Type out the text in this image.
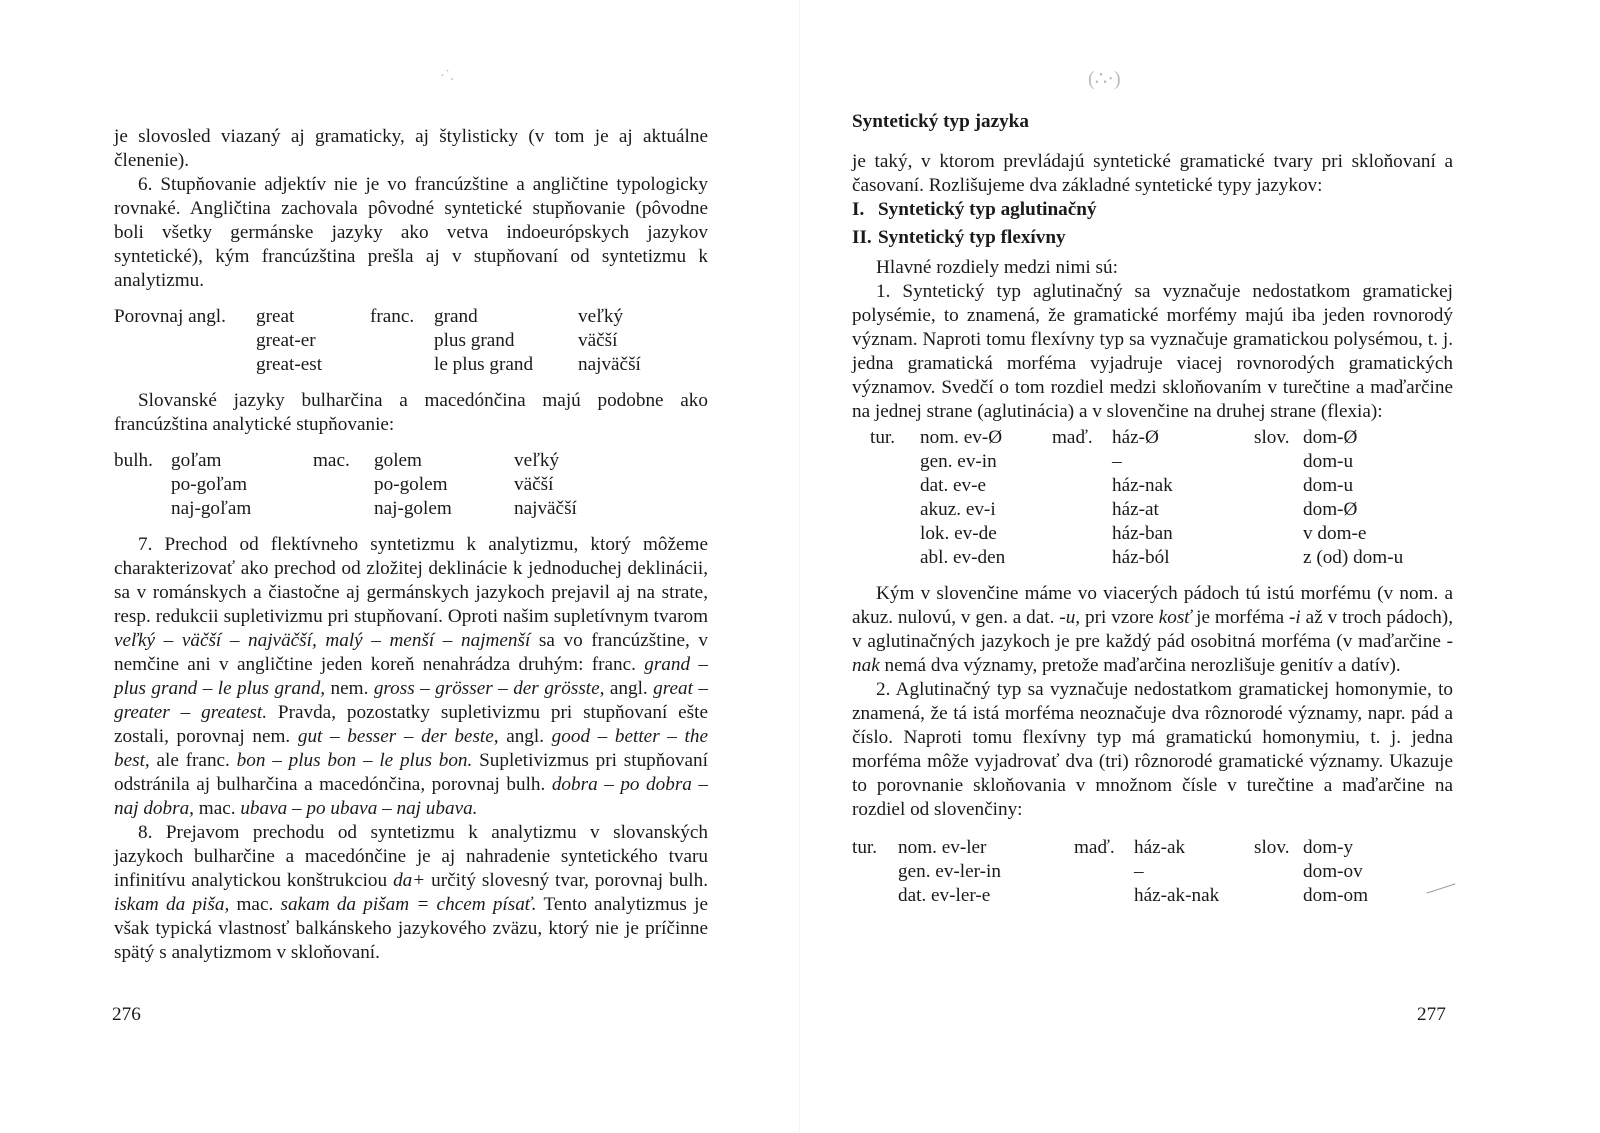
·˙.

je slovosled viazaný aj gramaticky, aj štylisticky (v tom je aj aktuálne členenie).

6. Stupňovanie adjektív nie je vo francúzštine a angličtine typologicky rovnaké. Angličtina zachovala pôvodné syntetické stupňovanie (pôvodne boli všetky germánske jazyky ako vetva indoeurópskych jazykov syntetické), kým francúzština prešla aj v stupňovaní od syntetizmu k analytizmu.

Porovnaj angl.	great	franc.	grand	veľký
	great-er		plus grand	väčší
	great-est		le plus grand	najväčší

Slovanské jazyky bulharčina a macedónčina majú podobne ako francúzština analytické stupňovanie:

bulh.	goľam	mac.	golem	veľký
	po-goľam		po-golem	väčší
	naj-goľam		naj-golem	najväčší

7. Prechod od flektívneho syntetizmu k analytizmu, ktorý môžeme charakterizovať ako prechod od zložitej deklinácie k jednoduchej deklinácii, sa v románskych a čiastočne aj germánskych jazykoch prejavil aj na strate, resp. redukcii supletivizmu pri stupňovaní. Oproti našim supletívnym tvarom veľký – väčší – najväčší, malý – menší – najmenší sa vo francúzštine, v nemčine ani v angličtine jeden koreň nenahrádza druhým: franc. grand – plus grand – le plus grand, nem. gross – grösser – der grösste, angl. great – greater – greatest. Pravda, pozostatky supletivizmu pri stupňovaní ešte zostali, porovnaj nem. gut – besser – der beste, angl. good – better – the best, ale franc. bon – plus bon – le plus bon. Supletivizmus pri stupňovaní odstránila aj bulharčina a macedónčina, porovnaj bulh. dobra – po dobra – naj dobra, mac. ubava – po ubava – naj ubava.

8. Prejavom prechodu od syntetizmu k analytizmu v slovanských jazykoch bulharčine a macedónčine je aj nahradenie syntetického tvaru infinitívu analytickou konštrukciou da+ určitý slovesný tvar, porovnaj bulh. iskam da piša, mac. sakam da pišam = chcem písať. Tento analytizmus je však typická vlastnosť balkánskeho jazykového zväzu, ktorý nie je príčinne spätý s analytizmom v skloňovaní.

276
(∴·)

Syntetický typ jazyka

je taký, v ktorom prevládajú syntetické gramatické tvary pri skloňovaní a časovaní. Rozlišujeme dva základné syntetické typy jazykov:

I. Syntetický typ aglutinačný

II. Syntetický typ flexívny

Hlavné rozdiely medzi nimi sú:

1. Syntetický typ aglutinačný sa vyznačuje nedostatkom gramatickej polysémie, to znamená, že gramatické morfémy majú iba jeden rovnorodý význam. Naproti tomu flexívny typ sa vyznačuje gramatickou polysémou, t. j. jedna gramatická morféma vyjadruje viacej rovnorodých gramatických významov. Svedčí o tom rozdiel medzi skloňovaním v turečtine a maďarčine na jednej strane (aglutinácia) a v slovenčine na druhej strane (flexia):

tur.	nom. ev-Ø	maď.	ház-Ø	slov.	dom-Ø
	gen. ev-in		–		dom-u
	dat. ev-e		ház-nak		dom-u
	akuz. ev-i		ház-at		dom-Ø
	lok. ev-de		ház-ban		v dom-e
	abl. ev-den		ház-ból		z (od) dom-u

Kým v slovenčine máme vo viacerých pádoch tú istú morfému (v nom. a akuz. nulovú, v gen. a dat. -u, pri vzore kosť je morféma -i až v troch pádoch), v aglutinačných jazykoch je pre každý pád osobitná morféma (v maďarčine -nak nemá dva významy, pretože maďarčina nerozlišuje genitív a datív).

2. Aglutinačný typ sa vyznačuje nedostatkom gramatickej homonymie, to znamená, že tá istá morféma neoznačuje dva rôznorodé významy, napr. pád a číslo. Naproti tomu flexívny typ má gramatickú homonymiu, t. j. jedna morféma môže vyjadrovať dva (tri) rôznorodé gramatické významy. Ukazuje to porovnanie skloňovania v množnom čísle v turečtine a maďarčine na rozdiel od slovenčiny:

tur.	nom. ev-ler	maď.	ház-ak	slov.	dom-y
	gen. ev-ler-in		–		dom-ov
	dat. ev-ler-e		ház-ak-nak		dom-om
277
